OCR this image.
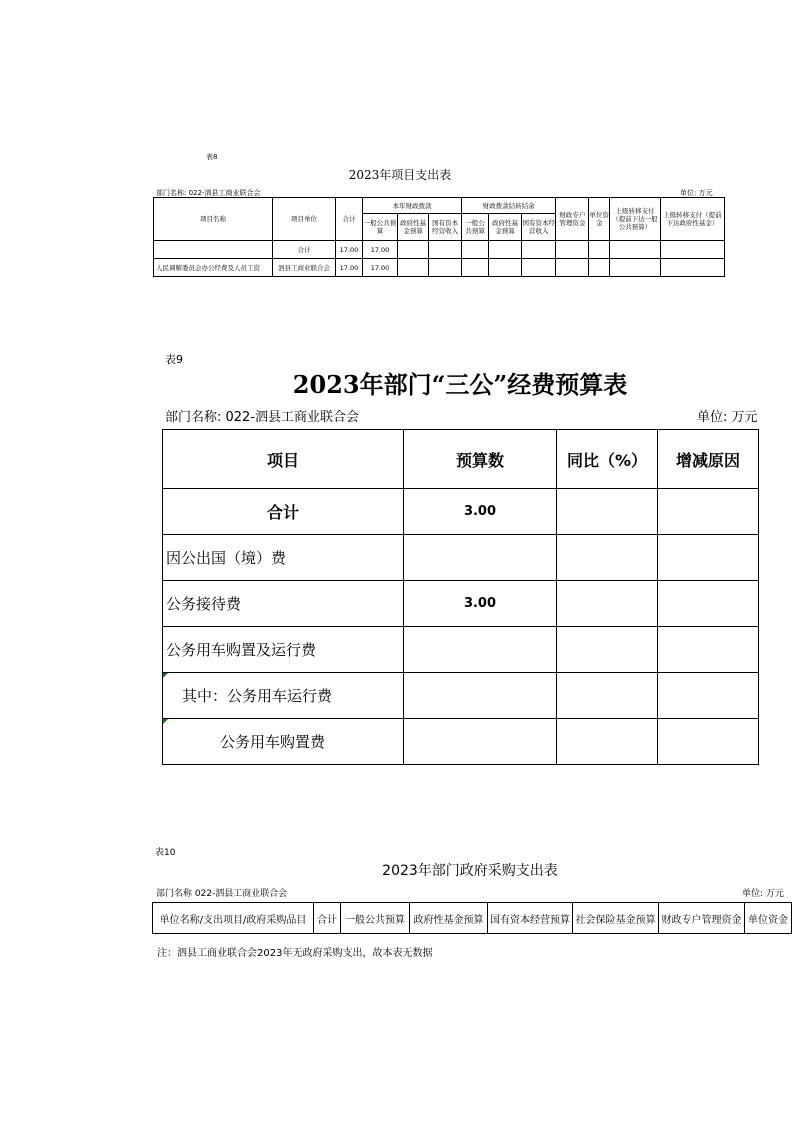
表8
2023年项目支出表
部门名称: 022-泗县工商业联合会	单位: 万元
项目名称	项目单位	合计	本年财政拨款			财政拨款结转结余			财政专户管理资金	单位资金	上级转移支付（提前下达一般公共预算）	上级转移支付（提前下达政府性基金）
			一般公共预算	政府性基金预算	国有资本经营收入	一般公共预算	政府性基金预算	国有资本经营收入				
	合计	17.00	17.00									
人民调解委员会办公经费及人员工资	泗县工商业联合会	17.00	17.00									
表9
2023年部门“三公”经费预算表
部门名称: 022-泗县工商业联合会	单位: 万元
项目	预算数	同比（%）	增减原因
合计	3.00		
因公出国（境）费			
公务接待费	3.00		
公务用车购置及运行费			

其中：公务用车运行费			

公务用车购置费			
表10
2023年部门政府采购支出表
部门名称 022-泗县工商业联合会	单位: 万元
单位名称/支出项目/政府采购品目	合计	一般公共预算	政府性基金预算	国有资本经营预算	社会保险基金预算	财政专户管理资金	单位资金
注：泗县工商业联合会2023年无政府采购支出，故本表无数据
